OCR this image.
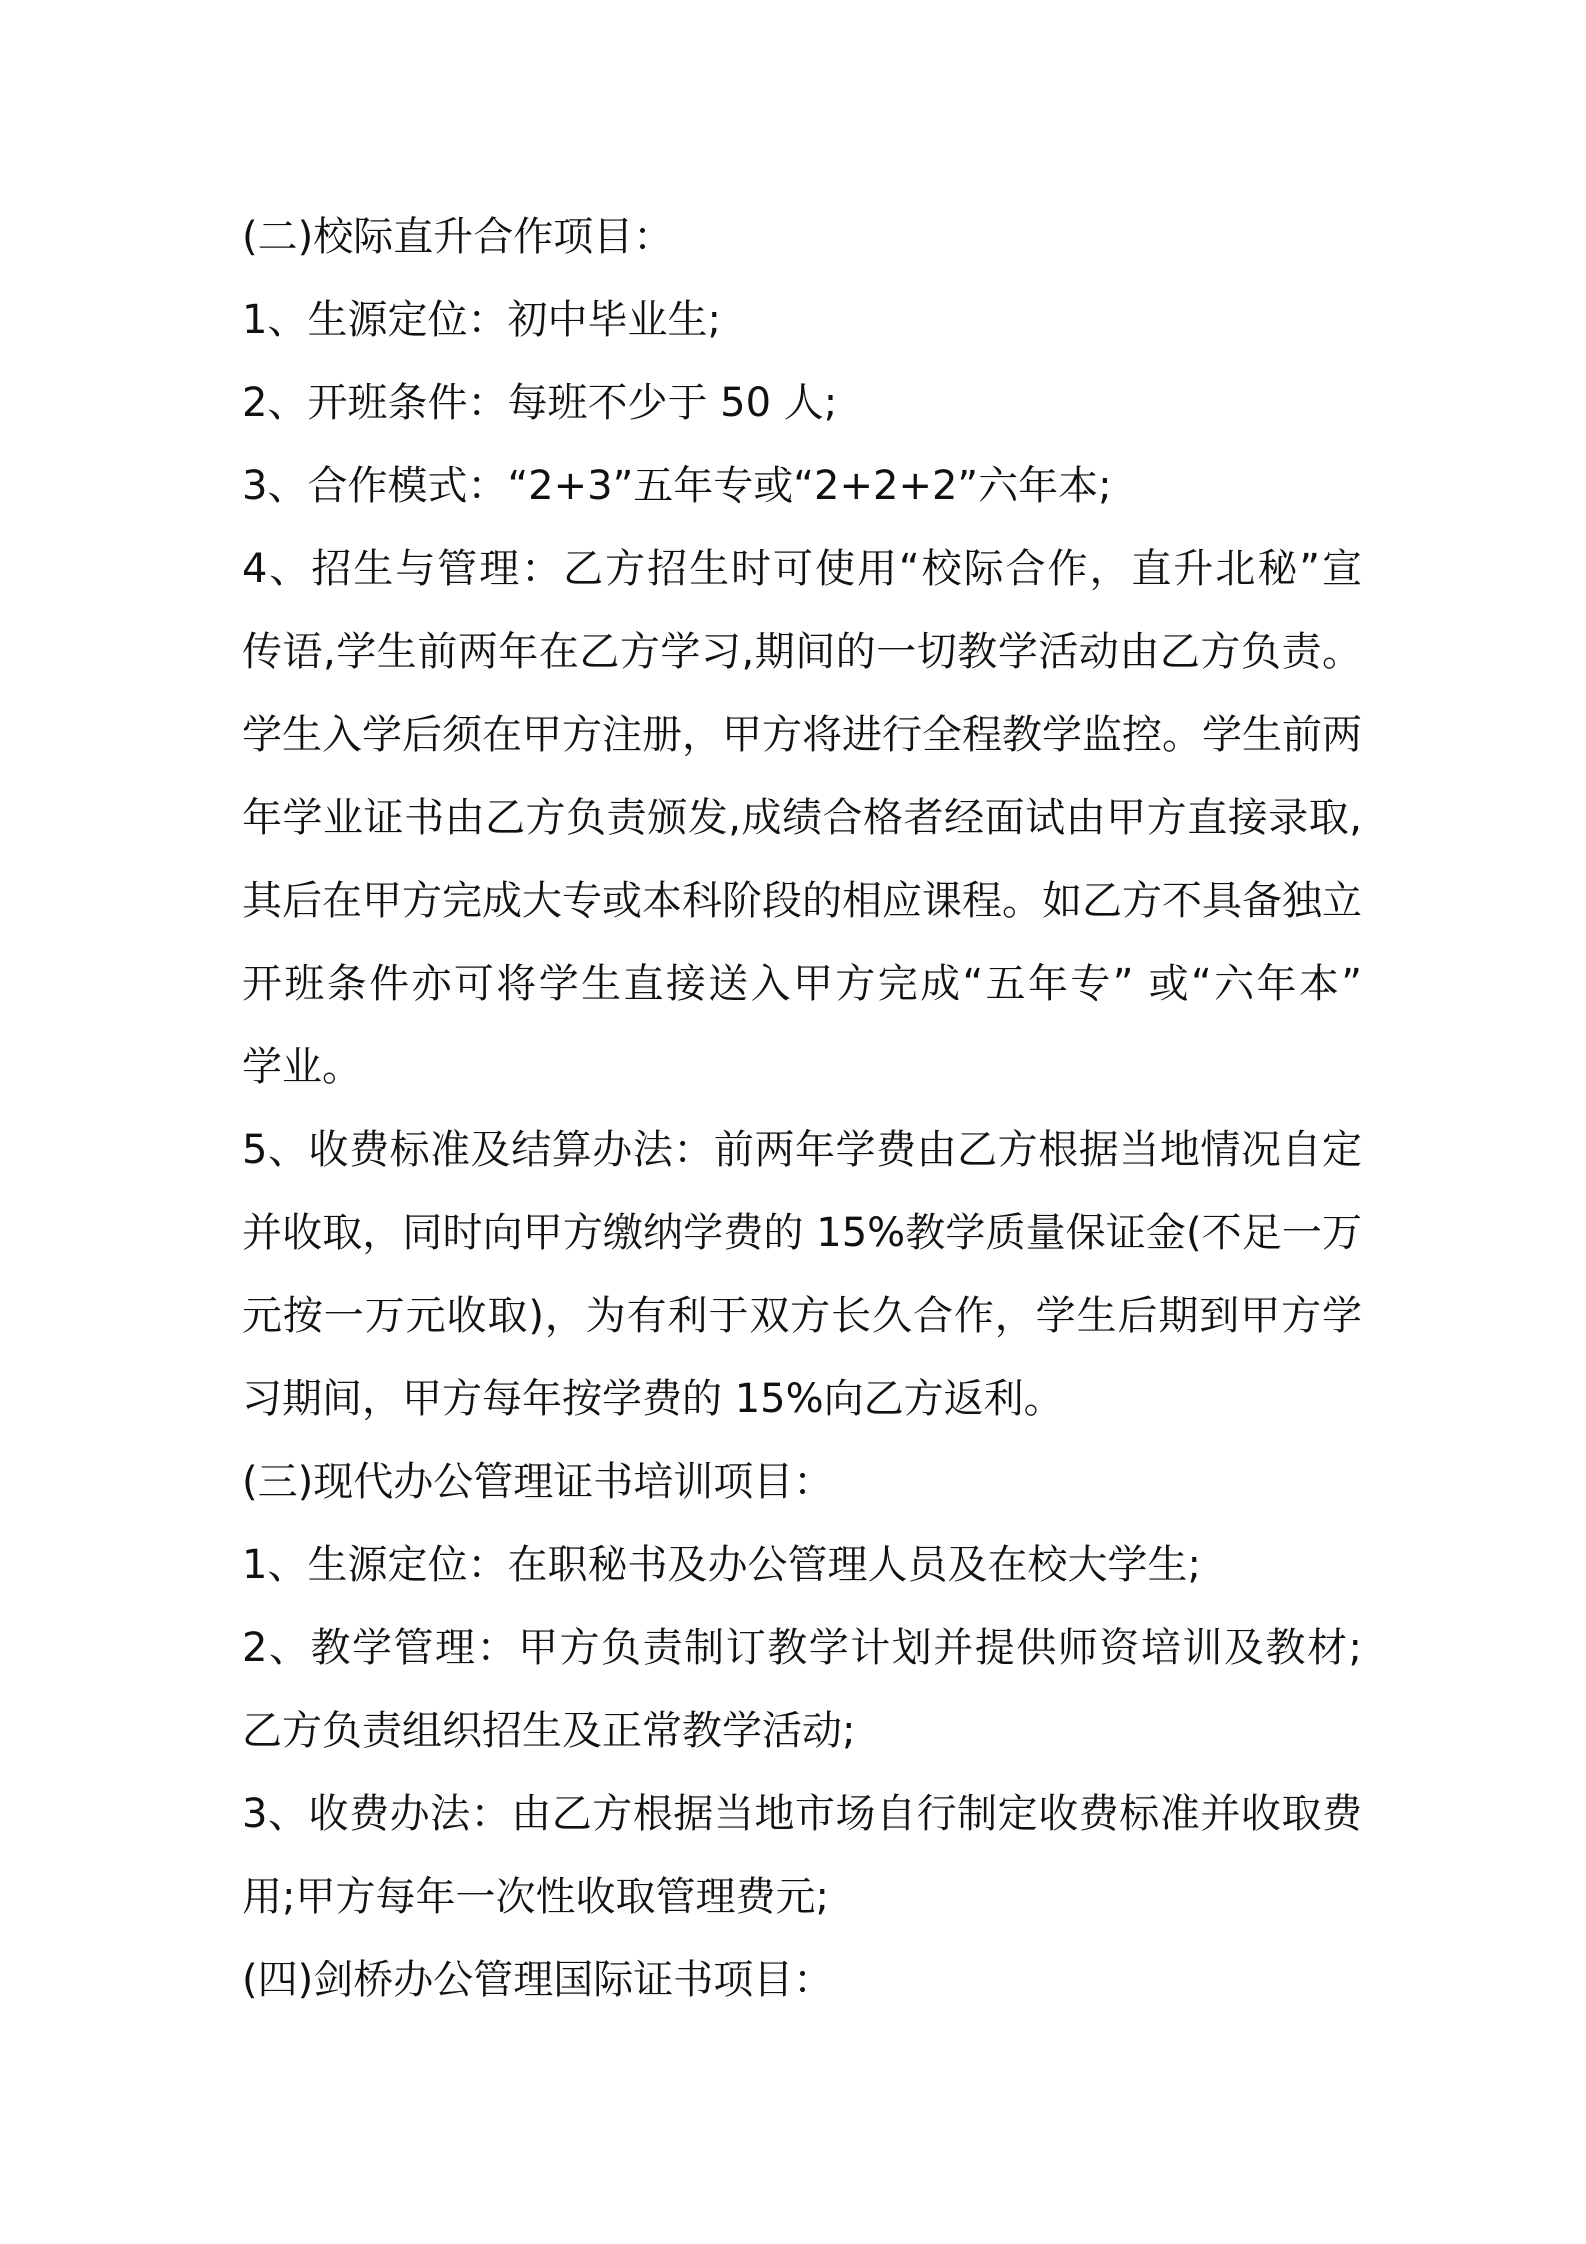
(二)校际直升合作项目：
1、生源定位：初中毕业生;
2、开班条件：每班不少于 50 人;
3、合作模式：“2+3”五年专或“2+2+2”六年本;
4、招生与管理：乙方招生时可使用“校际合作，直升北秘”宣
传语,学生前两年在乙方学习,期间的一切教学活动由乙方负责。
学生入学后须在甲方注册，甲方将进行全程教学监控。学生前两
年学业证书由乙方负责颁发,成绩合格者经面试由甲方直接录取,
其后在甲方完成大专或本科阶段的相应课程。如乙方不具备独立
开班条件亦可将学生直接送入甲方完成“五年专” 或“六年本”
学业。
5、收费标准及结算办法：前两年学费由乙方根据当地情况自定
并收取，同时向甲方缴纳学费的 15%教学质量保证金(不足一万
元按一万元收取)，为有利于双方长久合作，学生后期到甲方学
习期间，甲方每年按学费的 15%向乙方返利。
(三)现代办公管理证书培训项目：
1、生源定位：在职秘书及办公管理人员及在校大学生;
2、教学管理：甲方负责制订教学计划并提供师资培训及教材;
乙方负责组织招生及正常教学活动;
3、收费办法：由乙方根据当地市场自行制定收费标准并收取费
用;甲方每年一次性收取管理费元;
(四)剑桥办公管理国际证书项目：
